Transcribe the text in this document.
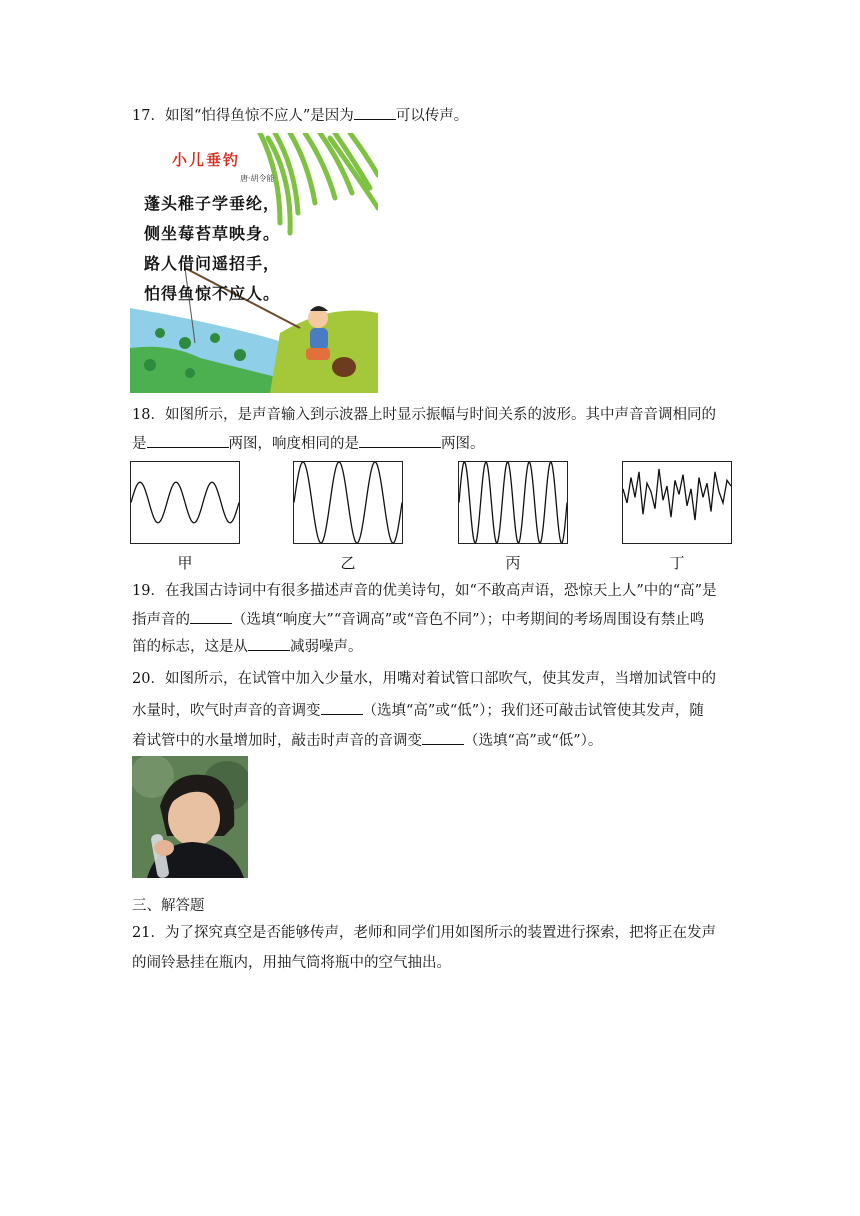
17．如图“怕得鱼惊不应人”是因为	可以传声。
小儿垂钓
唐·胡令能
蓬头稚子学垂纶，
侧坐莓苔草映身。
路人借问遥招手，
怕得鱼惊不应人。
18．如图所示，是声音输入到示波器上时显示振幅与时间关系的波形。其中声音音调相同的
是	两图，响度相同的是	两图。
甲	乙	丙	丁
19．在我国古诗词中有很多描述声音的优美诗句，如“不敢高声语，恐惊天上人”中的“高”是
指声音的	（选填“响度大”“音调高”或“音色不同”）；中考期间的考场周围设有禁止鸣
笛的标志，这是从	减弱噪声。
20．如图所示，在试管中加入少量水，用嘴对着试管口部吹气，使其发声，当增加试管中的
水量时，吹气时声音的音调变	（选填“高”或“低”）；我们还可敲击试管使其发声，随
着试管中的水量增加时，敲击时声音的音调变	（选填“高”或“低”）。
三、解答题
21．为了探究真空是否能够传声，老师和同学们用如图所示的装置进行探索，把将正在发声
的闹铃悬挂在瓶内，用抽气筒将瓶中的空气抽出。
